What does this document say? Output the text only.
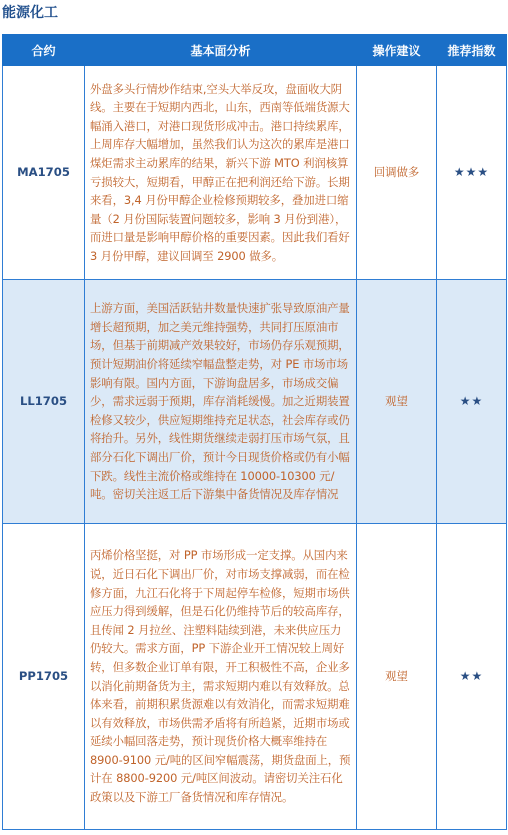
能源化工
合约	基本面分析	操作建议	推荐指数
MA1705	外盘多头行情炒作结束,空头大举反攻，盘面收大阴线。主要在于短期内西北，山东，西南等低端货源大幅涌入港口，对港口现货形成冲击。港口持续累库，上周库存大幅增加，虽然我们认为这次的累库是港口煤炬需求主动累库的结果，新兴下游 MTO 利润核算亏损较大，短期看，甲醇正在把利润还给下游。长期来看，3,4 月份甲醇企业检修预期较多，叠加进口缩量（2 月份国际装置问题较多，影响 3 月份到港），而进口量是影响甲醇价格的重要因素。因此我们看好 3 月份甲醇，建议回调至 2900 做多。	回调做多	★★★
LL1705	上游方面，美国活跃钻井数量快速扩张导致原油产量增长超预期，加之美元维持强势，共同打压原油市场，但基于前期减产效果较好，市场仍存乐观预期，预计短期油价将延续窄幅盘整走势，对 PE 市场市场影响有限。国内方面，下游询盘居多，市场成交偏少，需求远弱于预期，库存消耗缓慢。加之近期装置检修又较少，供应短期维持充足状态，社会库存或仍将抬升。另外，线性期货继续走弱打压市场气氛，且部分石化下调出厂价，预计今日现货价格或仍有小幅下跌。线性主流价格或维持在 10000-10300 元/吨。密切关注返工后下游集中备货情况及库存情况	观望	★★
PP1705	丙烯价格坚挺，对 PP 市场形成一定支撑。从国内来说，近日石化下调出厂价，对市场支撑减弱，而在检修方面，九江石化将于下周起停车检修，短期市场供应压力得到缓解，但是石化仍维持节后的较高库存，且传闻 2 月拉丝、注塑料陆续到港，未来供应压力仍较大。需求方面，PP 下游企业开工情况较上周好转，但多数企业订单有限，开工积极性不高，企业多以消化前期备货为主，需求短期内难以有效释放。总体来看，前期积累货源难以有效消化，而需求短期难以有效释放，市场供需矛盾将有所趋紧，近期市场或延续小幅回落走势，预计现货价格大概率维持在 8900-9100 元/吨的区间窄幅震荡，期货盘面上，预计在 8800-9200 元/吨区间波动。请密切关注石化政策以及下游工厂备货情况和库存情况。	观望	★★
